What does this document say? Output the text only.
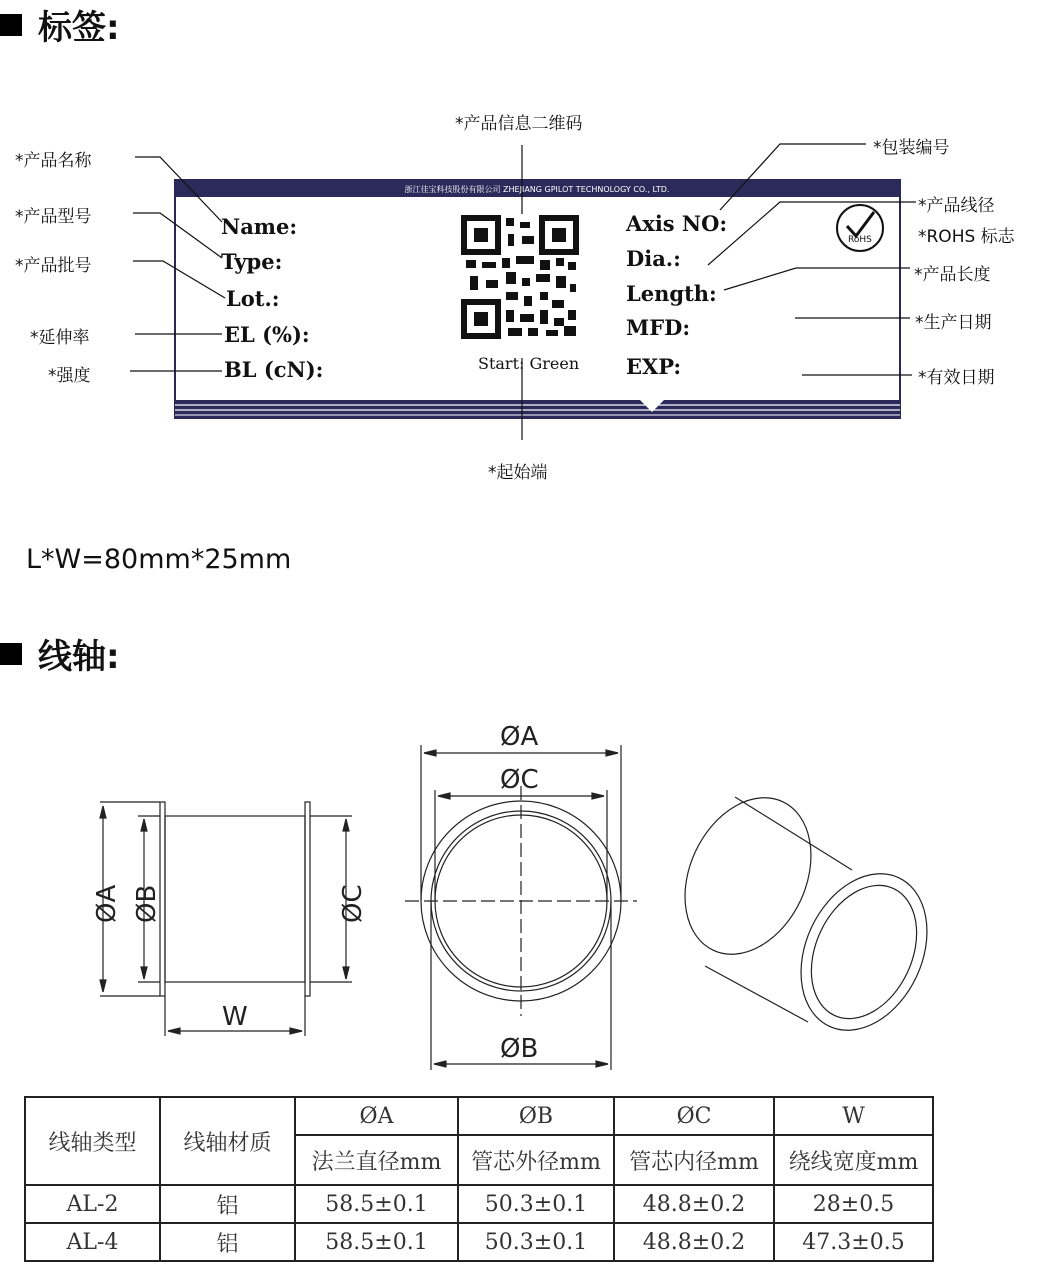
标签:
浙江佳宝科技股份有限公司 ZHEJIANG GPILOT TECHNOLOGY CO., LTD.
Name:
Type:
Lot.:
EL (%):
BL (cN):
Axis NO:
Dia.:
Length:
MFD:
EXP:
Start: Green
RoHS
*产品名称
*产品型号
*产品批号
*延伸率
*强度
*产品信息二维码
*起始端
*包装编号
*产品线径
*ROHS 标志
*产品长度
*生产日期
*有效日期
L*W=80mm*25mm
线轴:
ØA ØB	ØC
W
ØA
ØC
ØB
线轴类型	线轴材质	ØA	ØB	ØC	W
		法兰直径mm	管芯外径mm	管芯内径mm	绕线宽度mm
AL-2	铝	58.5±0.1	50.3±0.1	48.8±0.2	28±0.5
AL-4	铝	58.5±0.1	50.3±0.1	48.8±0.2	47.3±0.5
